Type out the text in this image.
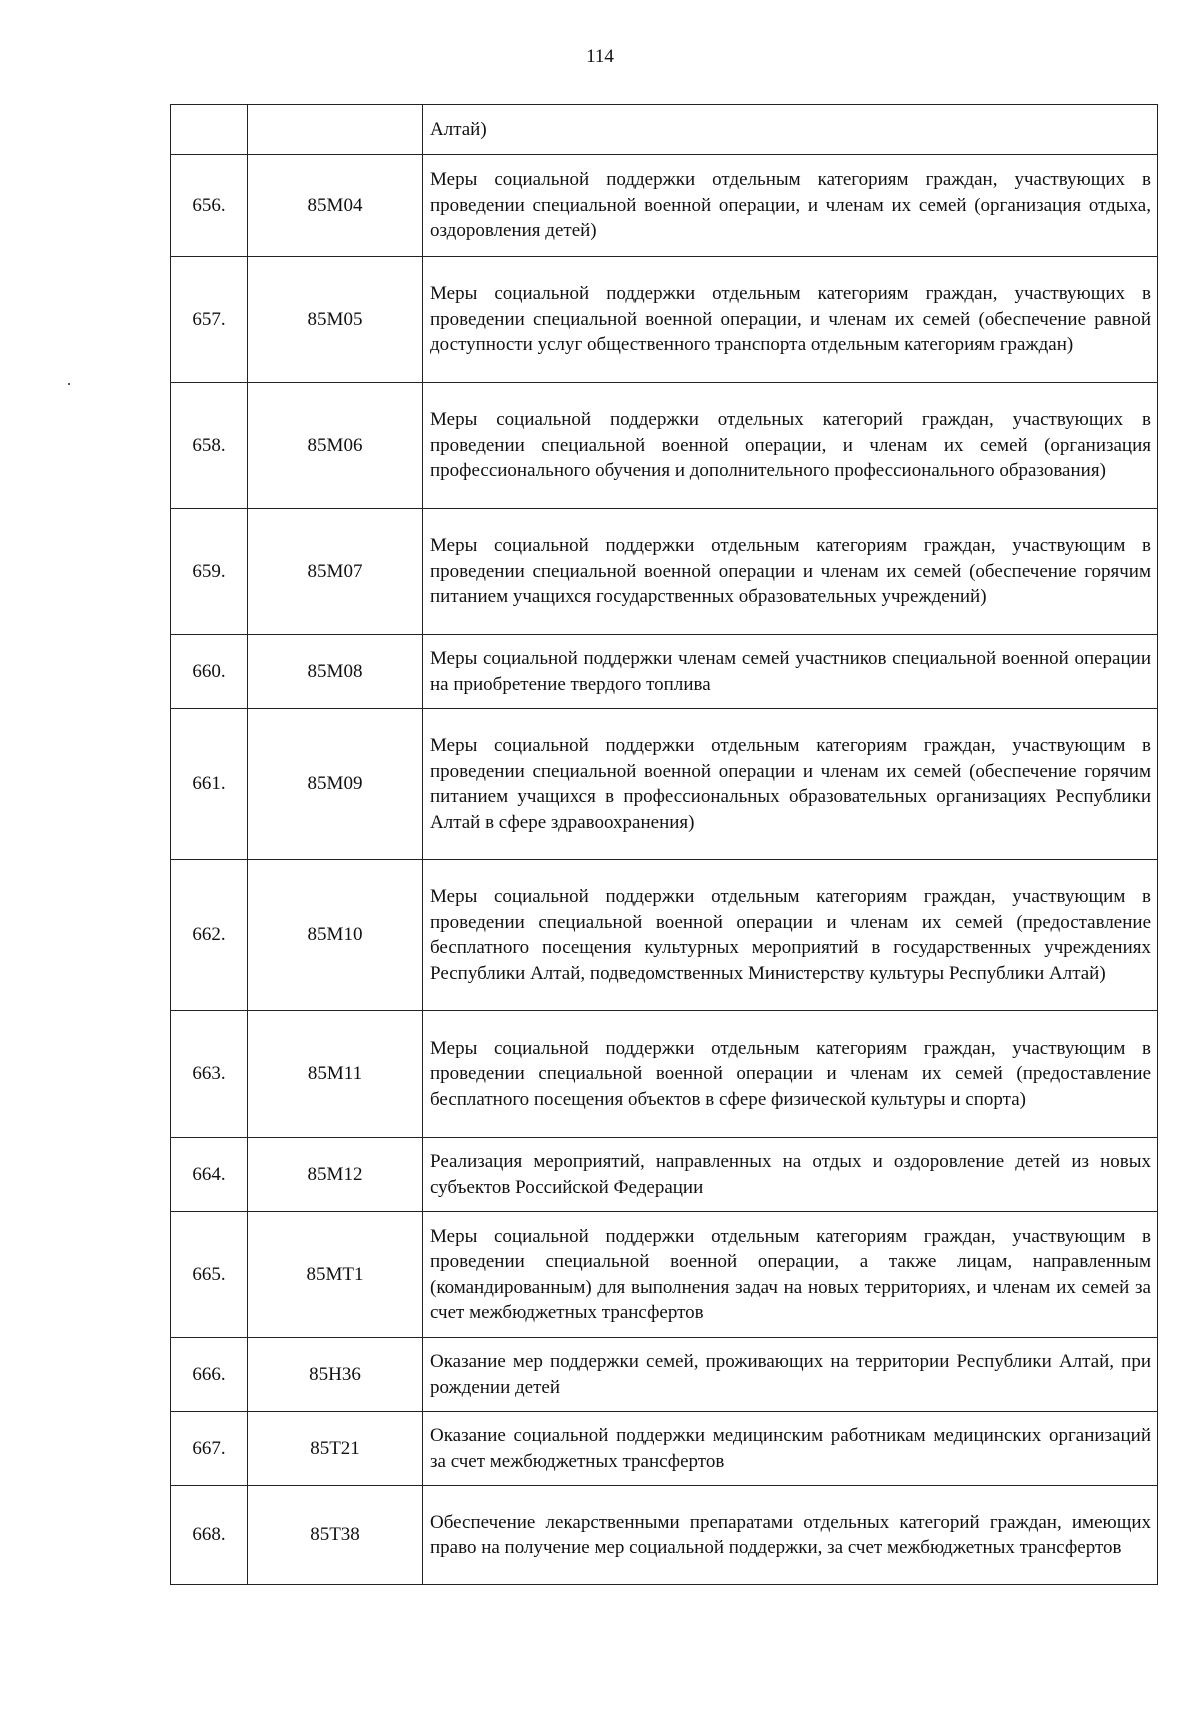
114
		Алтай)
656.	85М04	Меры социальной поддержки отдельным категориям граждан, участвующих в проведении специальной военной операции, и членам их семей (организация отдыха, оздоровления детей)
657.	85М05	Меры социальной поддержки отдельным категориям граждан, участвующих в проведении специальной военной операции, и членам их семей (обеспечение равной доступности услуг общественного транспорта отдельным категориям граждан)
658.	85М06	Меры социальной поддержки отдельных категорий граждан, участвующих в проведении специальной военной операции, и членам их семей (организация профессионального обучения и дополнительного профессионального образования)
659.	85М07	Меры социальной поддержки отдельным категориям граждан, участвующим в проведении специальной военной операции и членам их семей (обеспечение горячим питанием учащихся государственных образовательных учреждений)
660.	85М08	Меры социальной поддержки членам семей участников специальной военной операции на приобретение твердого топлива
661.	85М09	Меры социальной поддержки отдельным категориям граждан, участвующим в проведении специальной военной операции и членам их семей (обеспечение горячим питанием учащихся в профессиональных образовательных организациях Республики Алтай в сфере здравоохранения)
662.	85М10	Меры социальной поддержки отдельным категориям граждан, участвующим в проведении специальной военной операции и членам их семей (предоставление бесплатного посещения культурных мероприятий в государственных учреждениях Республики Алтай, подведомственных Министерству культуры Республики Алтай)
663.	85М11	Меры социальной поддержки отдельным категориям граждан, участвующим в проведении специальной военной операции и членам их семей (предоставление бесплатного посещения объектов в сфере физической культуры и спорта)
664.	85М12	Реализация мероприятий, направленных на отдых и оздоровление детей из новых субъектов Российской Федерации
665.	85МТ1	Меры социальной поддержки отдельным категориям граждан, участвующим в проведении специальной военной операции, а также лицам, направленным (командированным) для выполнения задач на новых территориях, и членам их семей за счет межбюджетных трансфертов
666.	85Н36	Оказание мер поддержки семей, проживающих на территории Республики Алтай, при рождении детей
667.	85Т21	Оказание социальной поддержки медицинским работникам медицинских организаций за счет межбюджетных трансфертов
668.	85Т38	Обеспечение лекарственными препаратами отдельных категорий граждан, имеющих право на получение мер социальной поддержки, за счет межбюджетных трансфертов
